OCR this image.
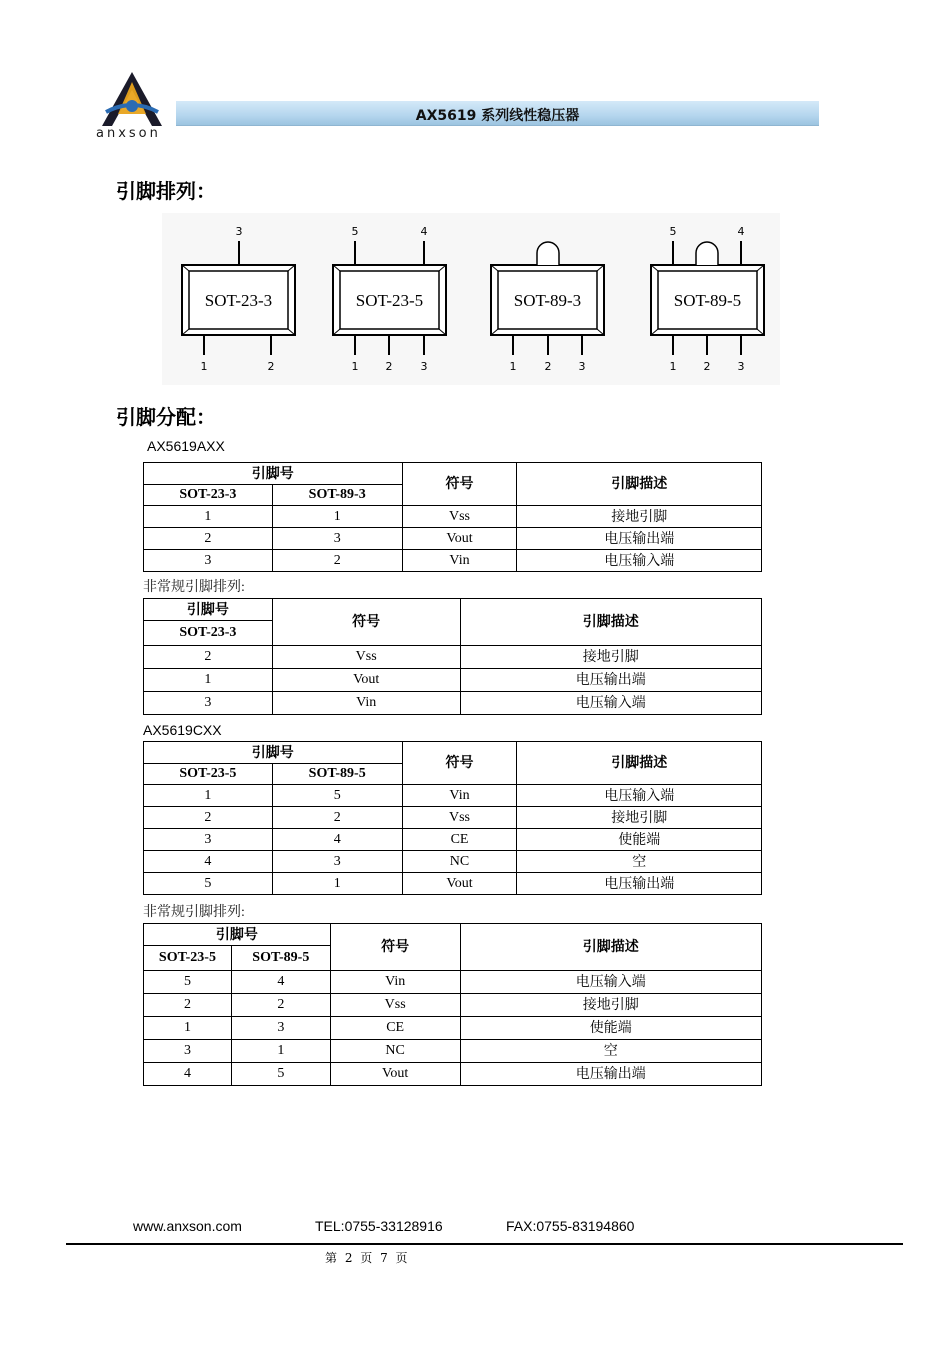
anxson
AX5619 系列线性稳压器
引脚排列：
SOT-23-3
3
1	2
SOT-23-5
5	4
1 2	3
SOT-89-3
1	2 3
SOT-89-5
5	4
1 2 3
引脚分配：
AX5619AXX
引脚号		符号	引脚描述
SOT-23-3	SOT-89-3		
1	1	Vss	接地引脚
2	3	Vout	电压输出端
3	2	Vin	电压输入端
非常规引脚排列:
引脚号	符号	引脚描述
SOT-23-3		
2	Vss	接地引脚
1	Vout	电压输出端
3	Vin	电压输入端
AX5619CXX
引脚号		符号	引脚描述
SOT-23-5	SOT-89-5		
1	5	Vin	电压输入端
2	2	Vss	接地引脚
3	4	CE	使能端
4	3	NC	空
5	1	Vout	电压输出端
非常规引脚排列:
引脚号		符号	引脚描述
SOT-23-5	SOT-89-5		
5	4	Vin	电压输入端
2	2	Vss	接地引脚
1	3	CE	使能端
3	1	NC	空
4	5	Vout	电压输出端
www.anxson.com	TEL:0755-33128916	FAX:0755-83194860
第 2 页 7 页
